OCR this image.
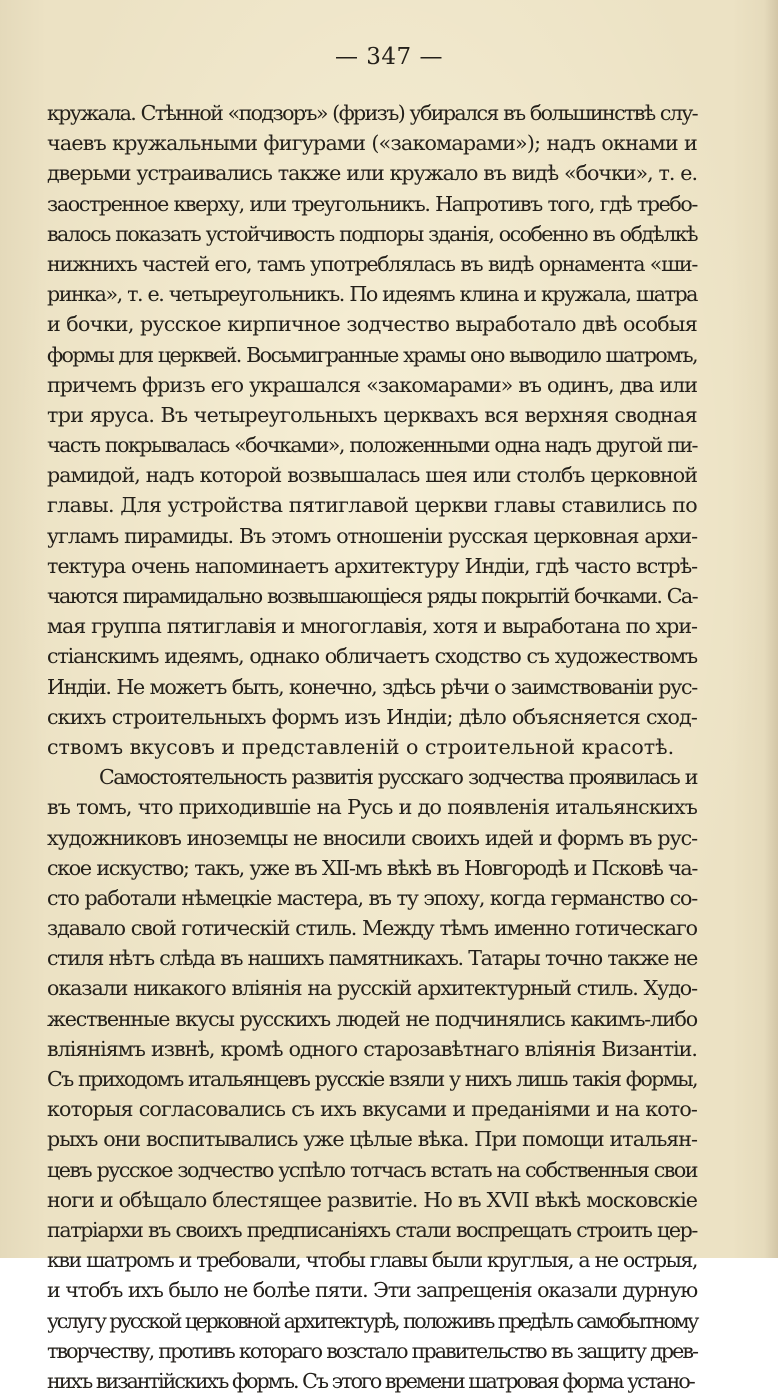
— 347 —
кружала. Стѣнной «подзоръ» (фризъ) убирался въ большинствѣ слу-
чаевъ кружальными фигурами («закомарами»); надъ окнами и
дверьми устраивались также или кружало въ видѣ «бочки», т. е.
заостренное кверху, или треугольникъ. Напротивъ того, гдѣ требо-
валось показать устойчивость подпоры зданія, особенно въ обдѣлкѣ
нижнихъ частей его, тамъ употреблялась въ видѣ орнамента «ши-
ринка», т. е. четыреугольникъ. По идеямъ клина и кружала, шатра
и бочки, русское кирпичное зодчество выработало двѣ особыя
формы для церквей. Восьмигранные храмы оно выводило шатромъ,
причемъ фризъ его украшался «закомарами» въ одинъ, два или
три яруса. Въ четыреугольныхъ церквахъ вся верхняя сводная
часть покрывалась «бочками», положенными одна надъ другой пи-
рамидой, надъ которой возвышалась шея или столбъ церковной
главы. Для устройства пятиглавой церкви главы ставились по
угламъ пирамиды. Въ этомъ отношеніи русская церковная архи-
тектура очень напоминаетъ архитектуру Индіи, гдѣ часто встрѣ-
чаются пирамидально возвышающіеся ряды покрытій бочками. Са-
мая группа пятиглавія и многоглавія, хотя и выработана по хри-
стіанскимъ идеямъ, однако обличаетъ сходство съ художествомъ
Индіи. Не можетъ быть, конечно, здѣсь рѣчи о заимствованіи рус-
скихъ строительныхъ формъ изъ Индіи; дѣло объясняется сход-
ствомъ вкусовъ и представленій о строительной красотѣ.
Самостоятельность развитія русскаго зодчества проявилась и
въ томъ, что приходившіе на Русь и до появленія итальянскихъ
художниковъ иноземцы не вносили своихъ идей и формъ въ рус-
ское искуство; такъ, уже въ XII-мъ вѣкѣ въ Новгородѣ и Псковѣ ча-
сто работали нѣмецкіе мастера, въ ту эпоху, когда германство со-
здавало свой готическій стиль. Между тѣмъ именно готическаго
стиля нѣтъ слѣда въ нашихъ памятникахъ. Татары точно также не
оказали никакого вліянія на русскій архитектурный стиль. Худо-
жественные вкусы русскихъ людей не подчинялись какимъ-либо
вліяніямъ извнѣ, кромѣ одного старозавѣтнаго вліянія Византіи.
Съ приходомъ итальянцевъ русскіе взяли у нихъ лишь такія формы,
которыя согласовались съ ихъ вкусами и преданіями и на кото-
рыхъ они воспитывались уже цѣлые вѣка. При помощи итальян-
цевъ русское зодчество успѣло тотчасъ встать на собственныя свои
ноги и обѣщало блестящее развитіе. Но въ XVII вѣкѣ московскіе
патріархи въ своихъ предписаніяхъ стали воспрещать строить цер-
кви шатромъ и требовали, чтобы главы были круглыя, а не острыя,
и чтобъ ихъ было не болѣе пяти. Эти запрещенія оказали дурную
услугу русской церковной архитектурѣ, положивъ предѣлъ самобытному
творчеству, противъ котораго возстало правительство въ защиту древ-
нихъ византійскихъ формъ. Съ этого времени шатровая форма устано-
